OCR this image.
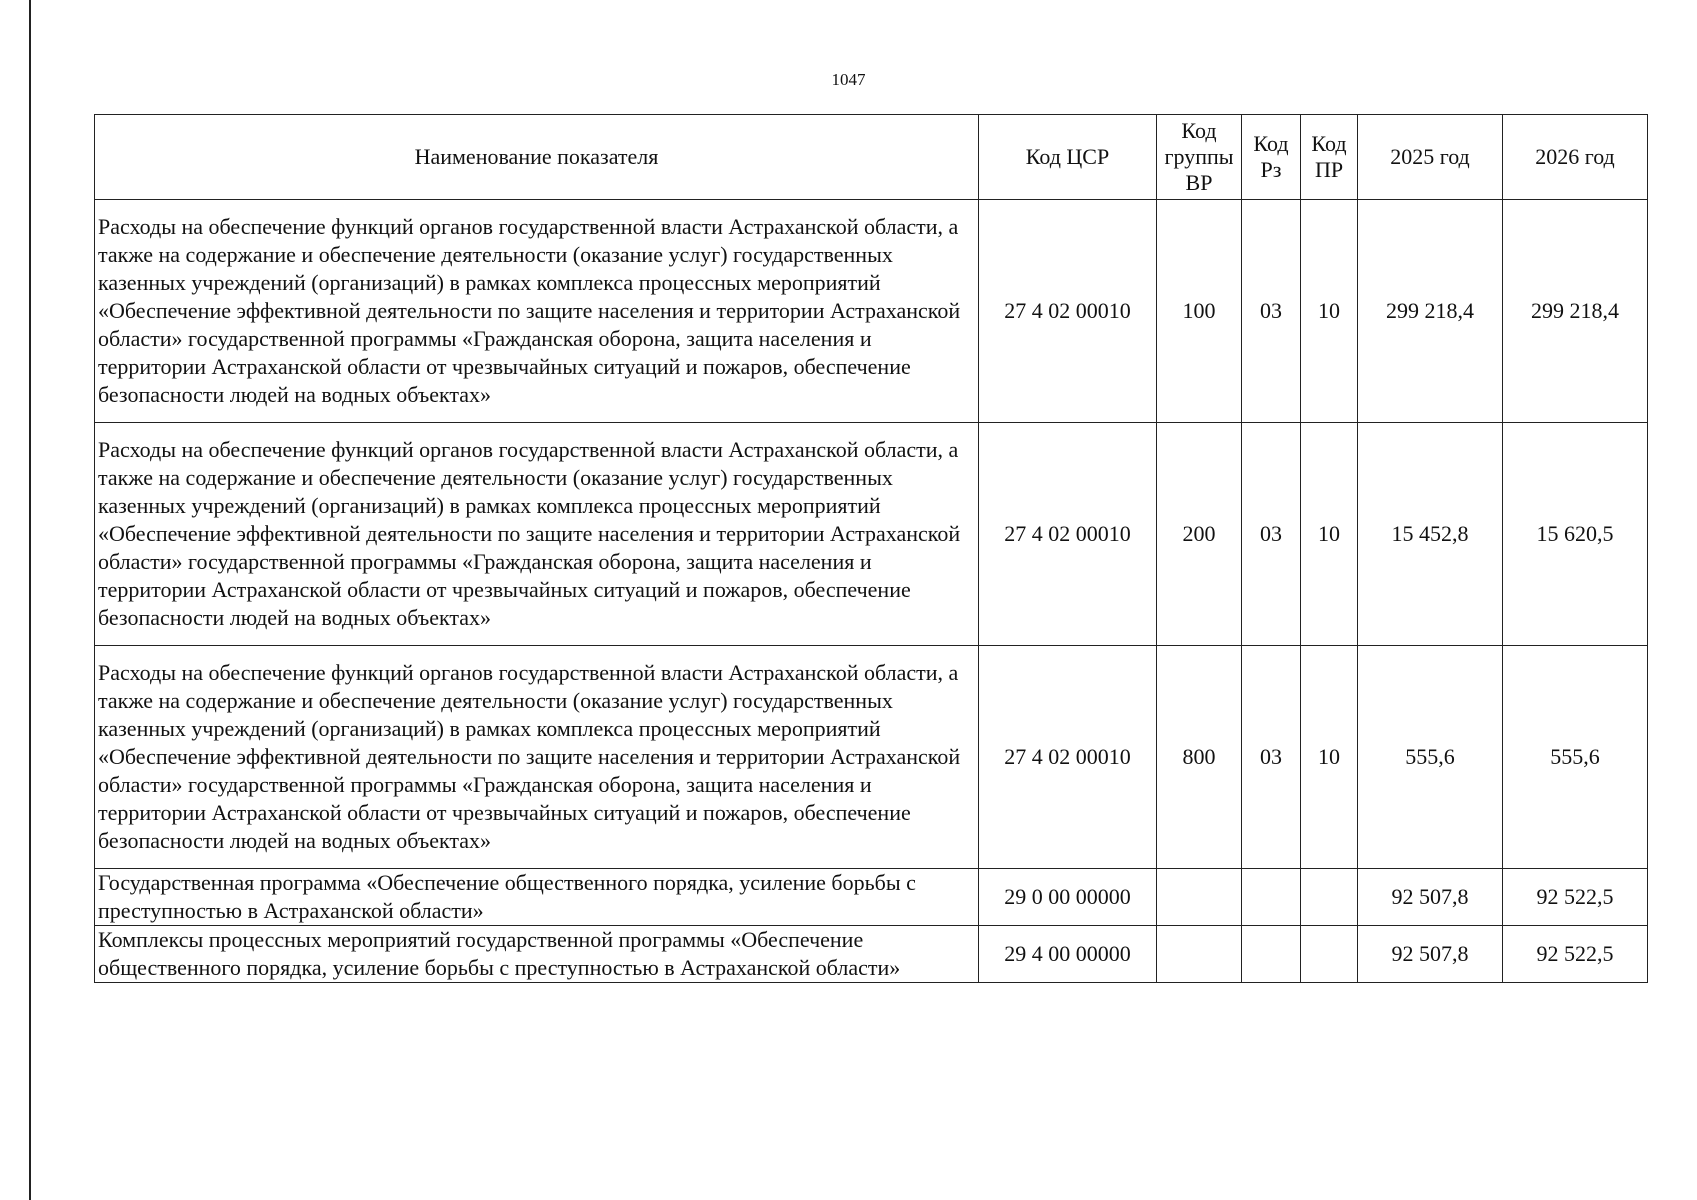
1047
Наименование показателя	Код ЦСР	Код группы ВР	Код Рз	Код ПР	2025 год	2026 год
Расходы на обеспечение функций органов государственной власти Астраханской области, а также на содержание и обеспечение деятельности (оказание услуг) государственных казенных учреждений (организаций) в рамках комплекса процессных мероприятий «Обеспечение эффективной деятельности по защите населения и территории Астраханской области» государственной программы «Гражданская оборона, защита населения и территории Астраханской области от чрезвычайных ситуаций и пожаров, обеспечение безопасности людей на водных объектах»	27 4 02 00010	100	03	10	299 218,4	299 218,4
Расходы на обеспечение функций органов государственной власти Астраханской области, а также на содержание и обеспечение деятельности (оказание услуг) государственных казенных учреждений (организаций) в рамках комплекса процессных мероприятий «Обеспечение эффективной деятельности по защите населения и территории Астраханской области» государственной программы «Гражданская оборона, защита населения и территории Астраханской области от чрезвычайных ситуаций и пожаров, обеспечение безопасности людей на водных объектах»	27 4 02 00010	200	03	10	15 452,8	15 620,5
Расходы на обеспечение функций органов государственной власти Астраханской области, а также на содержание и обеспечение деятельности (оказание услуг) государственных казенных учреждений (организаций) в рамках комплекса процессных мероприятий «Обеспечение эффективной деятельности по защите населения и территории Астраханской области» государственной программы «Гражданская оборона, защита населения и территории Астраханской области от чрезвычайных ситуаций и пожаров, обеспечение безопасности людей на водных объектах»	27 4 02 00010	800	03	10	555,6	555,6
Государственная программа «Обеспечение общественного порядка, усиление борьбы с преступностью в Астраханской области»	29 0 00 00000				92 507,8	92 522,5
Комплексы процессных мероприятий государственной программы «Обеспечение общественного порядка, усиление борьбы с преступностью в Астраханской области»	29 4 00 00000				92 507,8	92 522,5
